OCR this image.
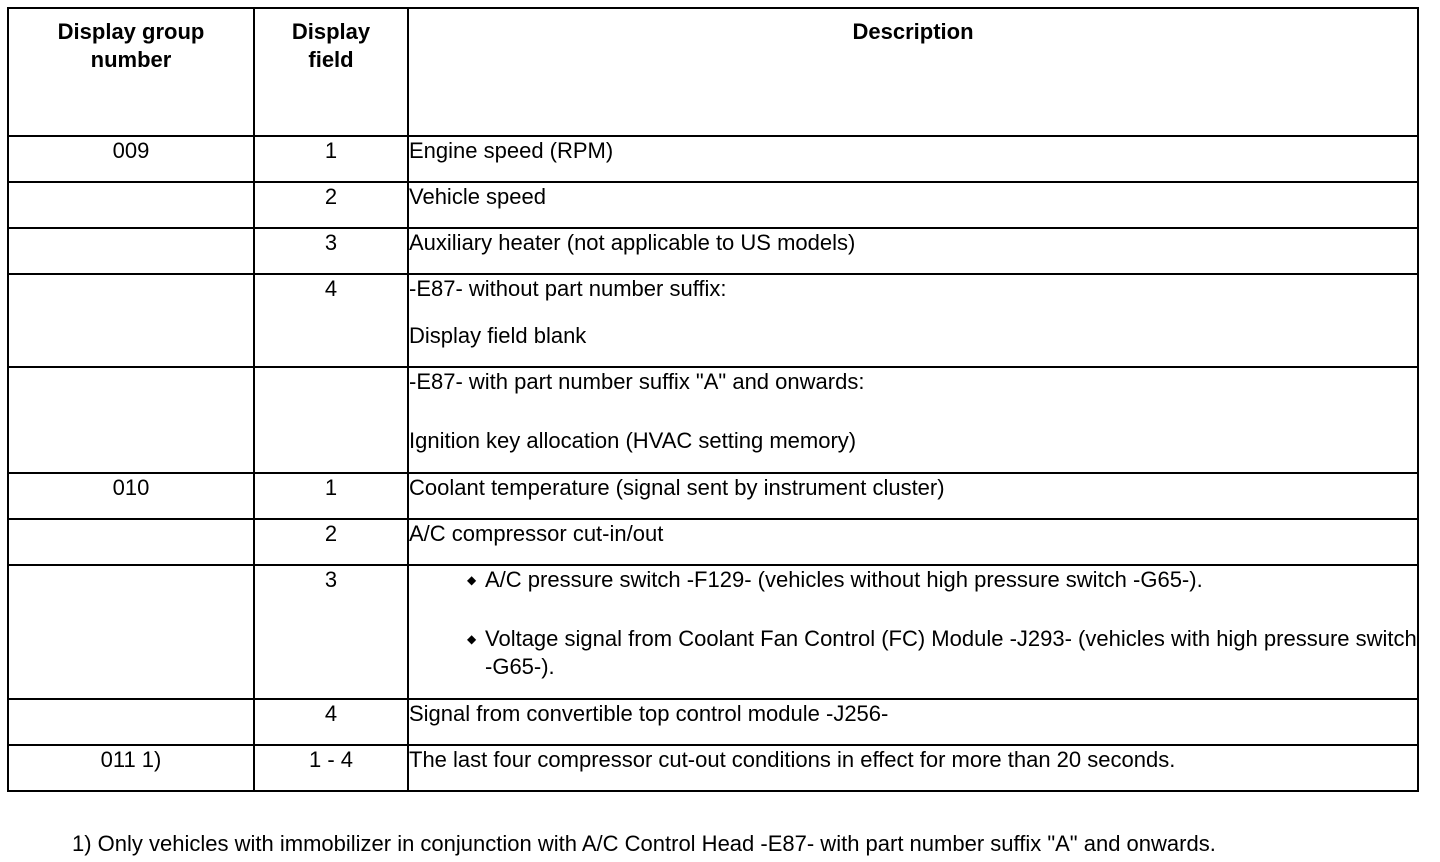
Display group
number	Display
field	Description

009	1	Engine speed (RPM)
	2	Vehicle speed
	3	Auxiliary heater (not applicable to US models)
	4	-E87- without part number suffix:
Display field blank

		-E87- with part number suffix "A" and onwards:
Ignition key allocation (HVAC setting memory)

010	1	Coolant temperature (signal sent by instrument cluster)
	2	A/C compressor cut-in/out
	3	◆ A/C pressure switch -F129- (vehicles without high pressure switch -G65-).
◆ Voltage signal from Coolant Fan Control (FC) Module -J293- (vehicles with high pressure switch -G65-).

	4	Signal from convertible top control module -J256-
011 1)	1 - 4	The last four compressor cut-out conditions in effect for more than 20 seconds.
1) Only vehicles with immobilizer in conjunction with A/C Control Head -E87- with part number suffix "A" and onwards.
